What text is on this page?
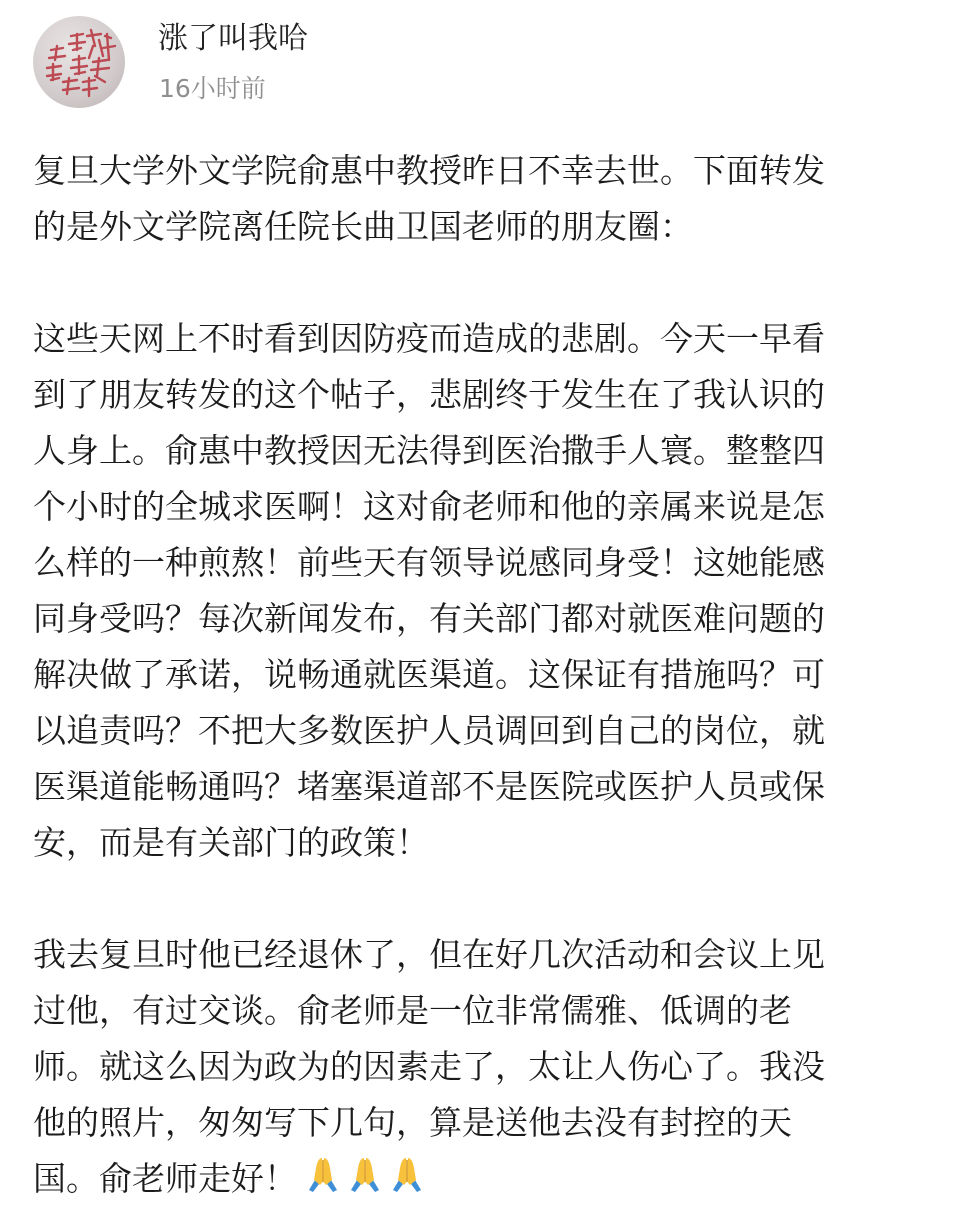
涨了叫我哈
16小时前
复旦大学外文学院俞惠中教授昨日不幸去世。下面转发
的是外文学院离任院长曲卫国老师的朋友圈：
这些天网上不时看到因防疫而造成的悲剧。今天一早看
到了朋友转发的这个帖子，悲剧终于发生在了我认识的
人身上。俞惠中教授因无法得到医治撒手人寰。整整四
个小时的全城求医啊！这对俞老师和他的亲属来说是怎
么样的一种煎熬！前些天有领导说感同身受！这她能感
同身受吗？每次新闻发布，有关部门都对就医难问题的
解决做了承诺，说畅通就医渠道。这保证有措施吗？可
以追责吗？不把大多数医护人员调回到自己的岗位，就
医渠道能畅通吗？堵塞渠道部不是医院或医护人员或保
安，而是有关部门的政策！
我去复旦时他已经退休了，但在好几次活动和会议上见
过他，有过交谈。俞老师是一位非常儒雅、低调的老
师。就这么因为政为的因素走了，太让人伤心了。我没
他的照片，匆匆写下几句，算是送他去没有封控的天
国。俞老师走好！
